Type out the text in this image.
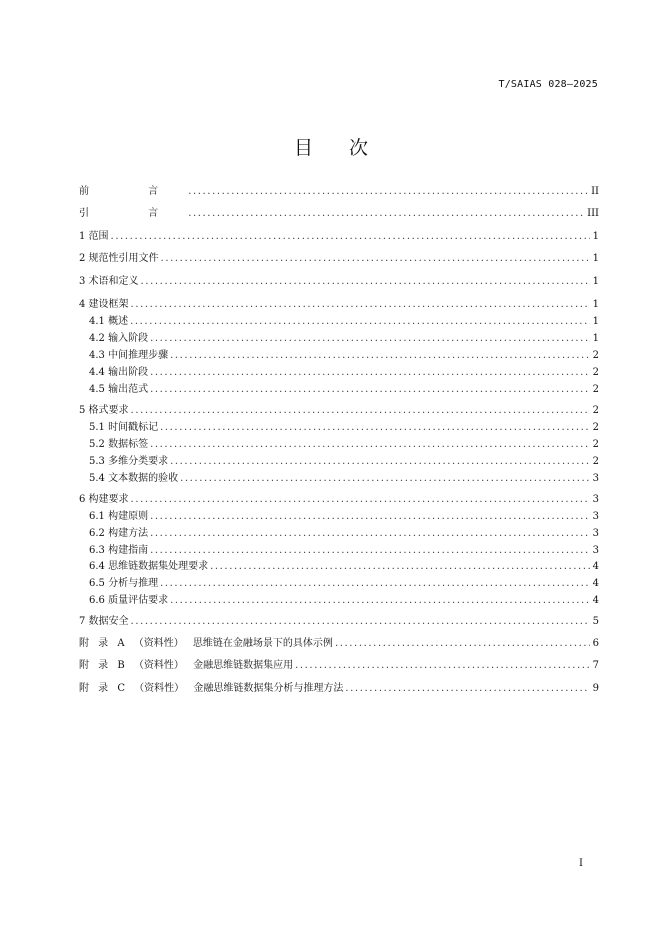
T/SAIAS 028—2025
目 次
前 言 .....	II
引 言 .....	III
1 范围 .....	1
2 规范性引用文件 .....	1
3 术语和定义 .....	1
4 建设框架 .....	1
4.1 概述 .....	1
4.2 输入阶段 .....	1
4.3 中间推理步骤 .....	2
4.4 输出阶段 .....	2
4.5 输出范式 .....	2
5 格式要求 .....	2
5.1 时间戳标记 .....	2
5.2 数据标签 .....	2
5.3 多维分类要求 .....	2
5.4 文本数据的验收 .....	3
6 构建要求 .....	3
6.1 构建原则 .....	3
6.2 构建方法 .....	3
6.3 构建指南 .....	3
6.4 思维链数据集处理要求 .....	4
6.5 分析与推理 .....	4
6.6 质量评估要求 .....	4
7 数据安全 .....	5
附 录 A （资料性） 思维链在金融场景下的具体示例 .....	6
附 录 B （资料性） 金融思维链数据集应用 .....	7
附 录 C （资料性） 金融思维链数据集分析与推理方法 .....	9
I
